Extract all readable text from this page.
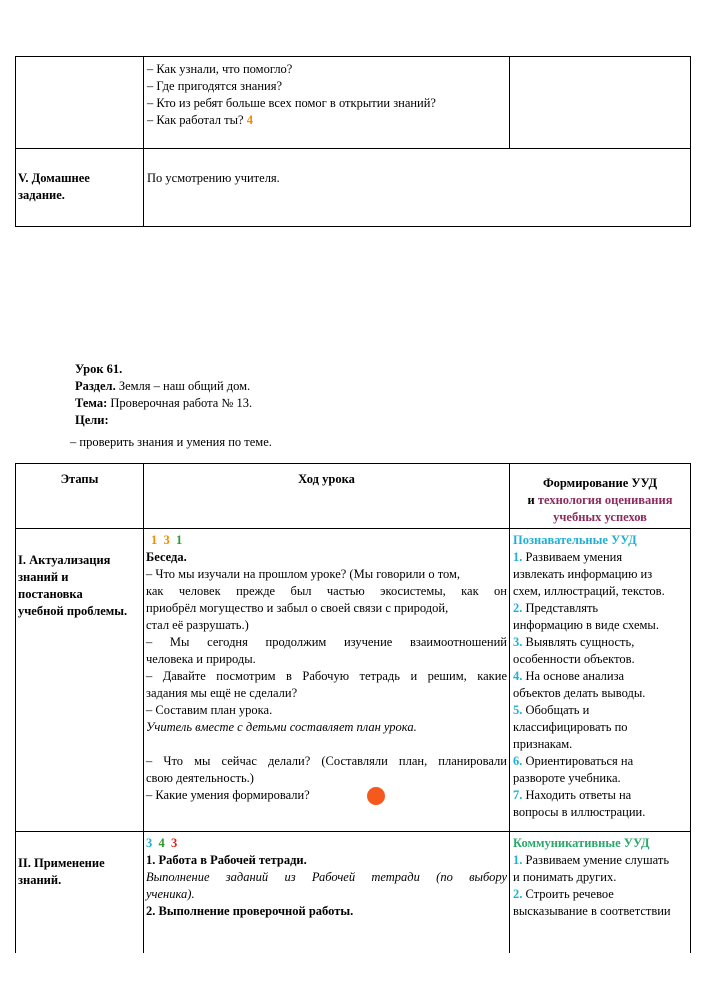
– Как узнали, что помогло?
– Где пригодятся знания?
– Кто из ребят больше всех помог в открытии знаний?
– Как работал ты? 4
V. Домашнее
задание.
По усмотрению учителя.
Урок 61.
Раздел. Земля – наш общий дом.
Тема: Проверочная работа № 13.
Цели:
– проверить знания и умения по теме.
Этапы	Ход урока	Формирование УУД
и технология оценивания
учебных успехов
I. Актуализация
знаний и
постановка
учебной проблемы.
1 3 1
Беседа.
– Что мы изучали на прошлом уроке? (Мы говорили о том,
как человек прежде был частью экосистемы, как он
приобрёл могущество и забыл о своей связи с природой,
стал её разрушать.)
– Мы сегодня продолжим изучение взаимоотношений
человека и природы.
– Давайте посмотрим в Рабочую тетрадь и решим, какие
задания мы ещё не сделали?
– Составим план урока.
Учитель вместе с детьми составляет план урока.
– Что мы сейчас делали? (Составляли план, планировали
свою деятельность.)
– Какие умения формировали?
Познавательные УУД
1. Развиваем умения
извлекать информацию из
схем, иллюстраций, текстов.
2. Представлять
информацию в виде схемы.
3. Выявлять сущность,
особенности объектов.
4. На основе анализа
объектов делать выводы.
5. Обобщать и
классифицировать по
признакам.
6. Ориентироваться на
развороте учебника.
7. Находить ответы на
вопросы в иллюстрации.
II. Применение
знаний.
3 4 3
1. Работа в Рабочей тетради.
Выполнение заданий из Рабочей тетради (по выбору
ученика).
2. Выполнение проверочной работы.
Коммуникативные УУД
1. Развиваем умение слушать
и понимать других.
2. Строить речевое
высказывание в соответствии
